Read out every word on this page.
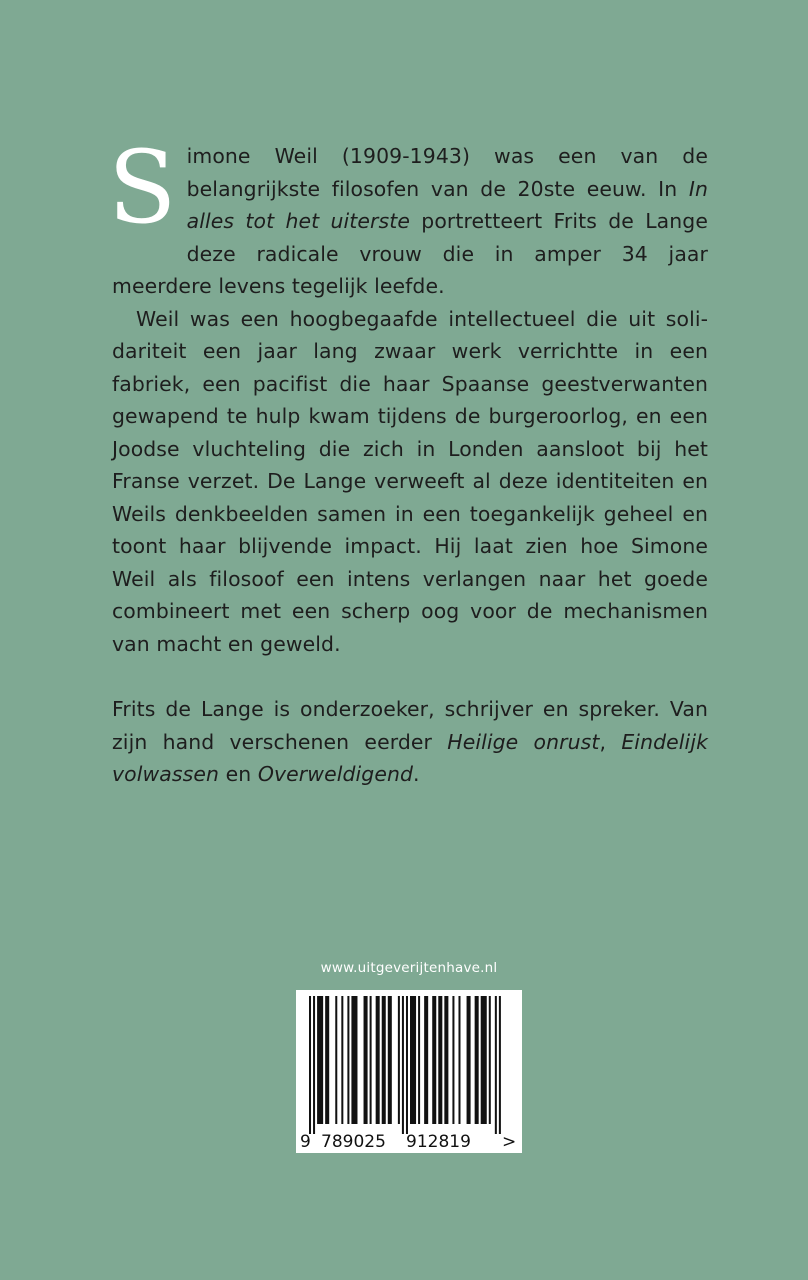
Simone Weil (1909-1943) was een van de belangrijkste filosofen van de 20ste eeuw. In In alles tot het uiterste portretteert Frits de Lange deze radicale vrouw die in amper 34 jaar meerdere levens tegelijk leefde.

Weil was een hoogbegaafde intellectueel die uit solidariteit een jaar lang zwaar werk verrichtte in een fabriek, een pacifist die haar Spaanse geestverwanten gewapend te hulp kwam tijdens de burgeroorlog, en een Joodse vluchteling die zich in Londen aansloot bij het Franse verzet. De Lange verweeft al deze identiteiten en Weils denkbeelden samen in een toegankelijk geheel en toont haar blijvende impact. Hij laat zien hoe Simone Weil als filosoof een intens verlangen naar het goede combineert met een scherp oog voor de mechanismen van macht en geweld.

Frits de Lange is onderzoeker, schrijver en spreker. Van zijn hand verschenen eerder Heilige onrust, Eindelijk volwassen en Overweldigend.

www.uitgeverijtenhave.nl
9 789025 912819 >
